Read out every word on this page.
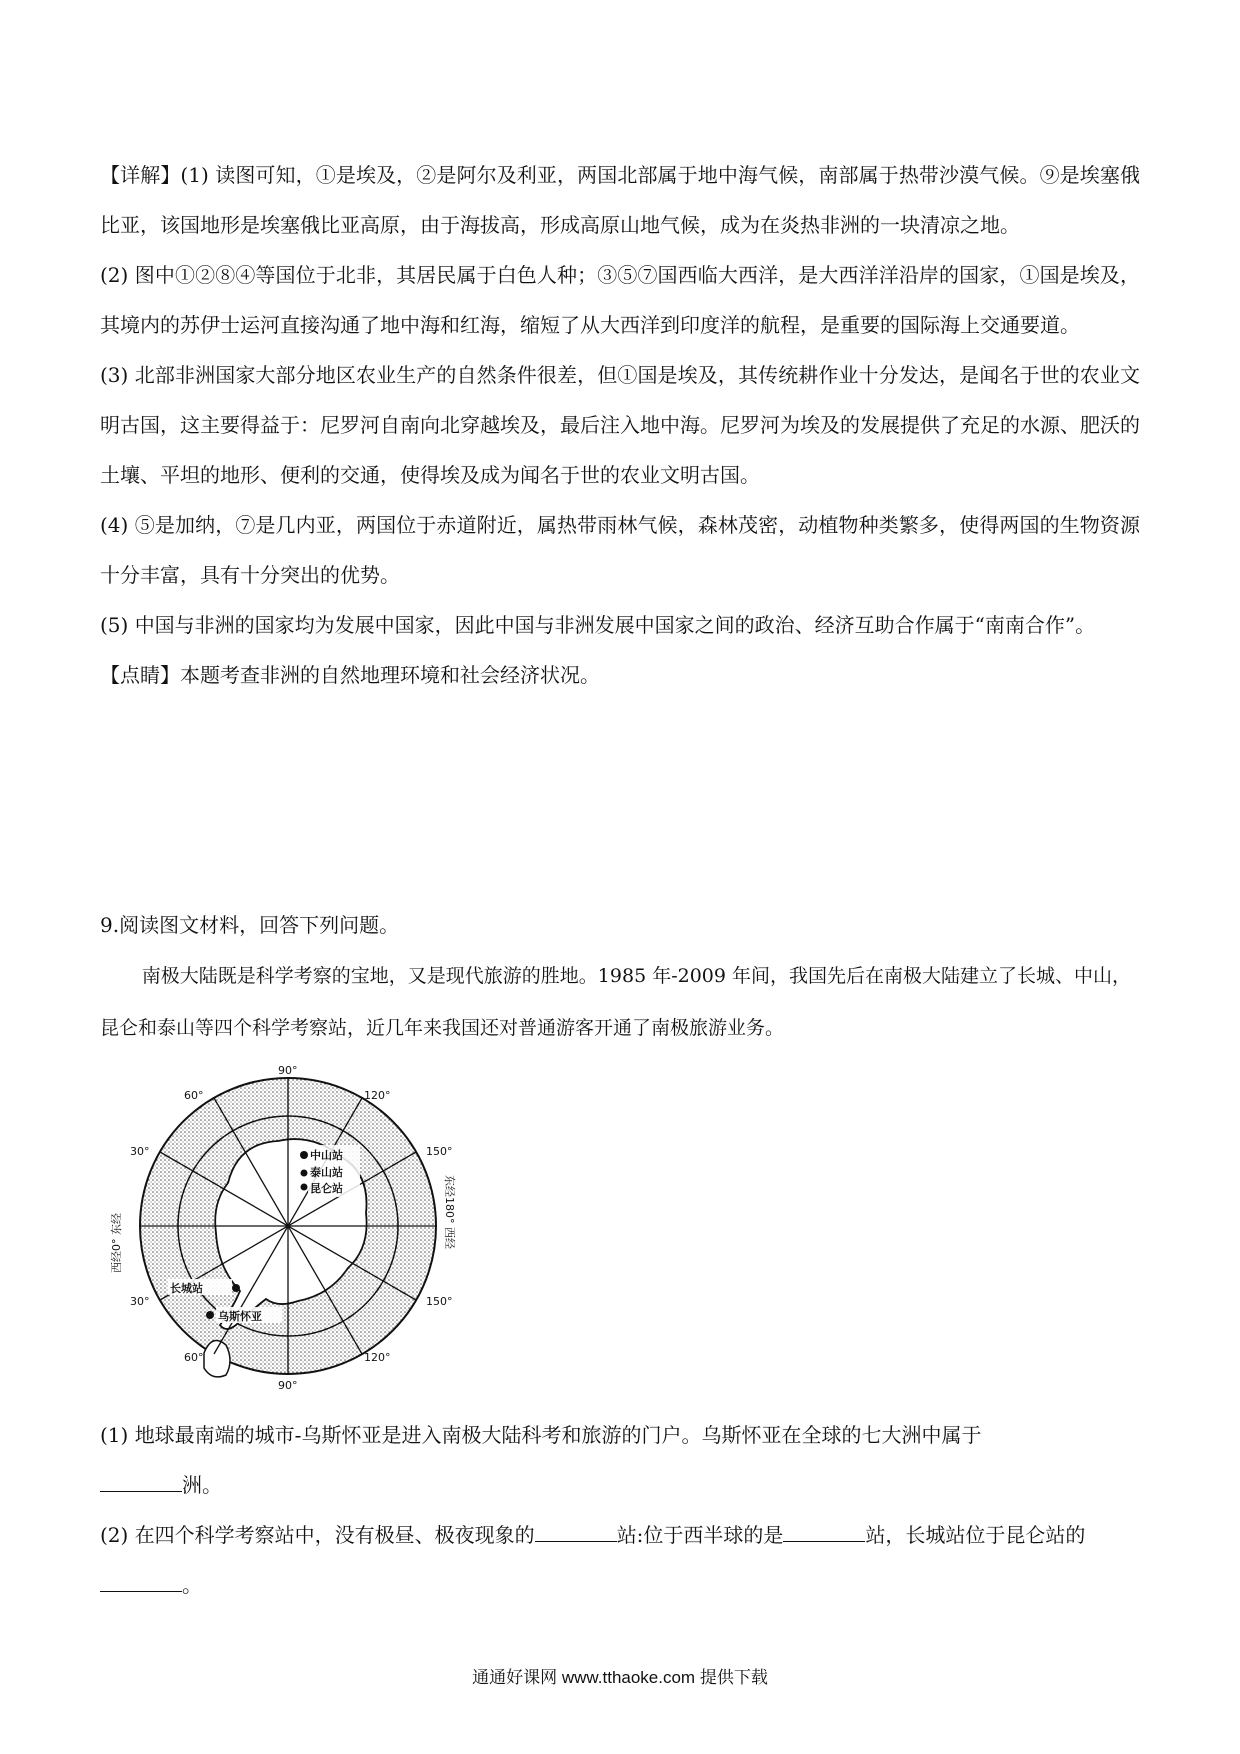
【详解】(1) 读图可知，①是埃及，②是阿尔及利亚，两国北部属于地中海气候，南部属于热带沙漠气候。⑨是埃塞俄比亚，该国地形是埃塞俄比亚高原，由于海拔高，形成高原山地气候，成为在炎热非洲的一块清凉之地。

(2) 图中①②⑧④等国位于北非，其居民属于白色人种；③⑤⑦国西临大西洋，是大西洋洋沿岸的国家，①国是埃及，其境内的苏伊士运河直接沟通了地中海和红海，缩短了从大西洋到印度洋的航程，是重要的国际海上交通要道。

(3) 北部非洲国家大部分地区农业生产的自然条件很差，但①国是埃及，其传统耕作业十分发达，是闻名于世的农业文明古国，这主要得益于：尼罗河自南向北穿越埃及，最后注入地中海。尼罗河为埃及的发展提供了充足的水源、肥沃的土壤、平坦的地形、便利的交通，使得埃及成为闻名于世的农业文明古国。

(4) ⑤是加纳，⑦是几内亚，两国位于赤道附近，属热带雨林气候，森林茂密，动植物种类繁多，使得两国的生物资源十分丰富，具有十分突出的优势。

(5) 中国与非洲的国家均为发展中国家，因此中国与非洲发展中国家之间的政治、经济互助合作属于“南南合作”。

【点睛】本题考查非洲的自然地理环境和社会经济状况。

9.阅读图文材料，回答下列问题。

南极大陆既是科学考察的宝地，又是现代旅游的胜地。1985 年-2009 年间，我国先后在南极大陆建立了长城、中山，昆仑和泰山等四个科学考察站，近几年来我国还对普通游客开通了南极旅游业务。

中山站
泰山站
昆仑站
长城站
乌斯怀亚
60°
90°
120°
150°
30°
30°	150°
60°
90°
120°
西经0° 东经	东经180° 西经

(1) 地球最南端的城市-乌斯怀亚是进入南极大陆科考和旅游的门户。乌斯怀亚在全球的七大洲中属于
洲。

(2) 在四个科学考察站中，没有极昼、极夜现象的	站:位于西半球的是	站，长城站位于昆仑站的。

通通好课网 www.tthaoke.com 提供下载
